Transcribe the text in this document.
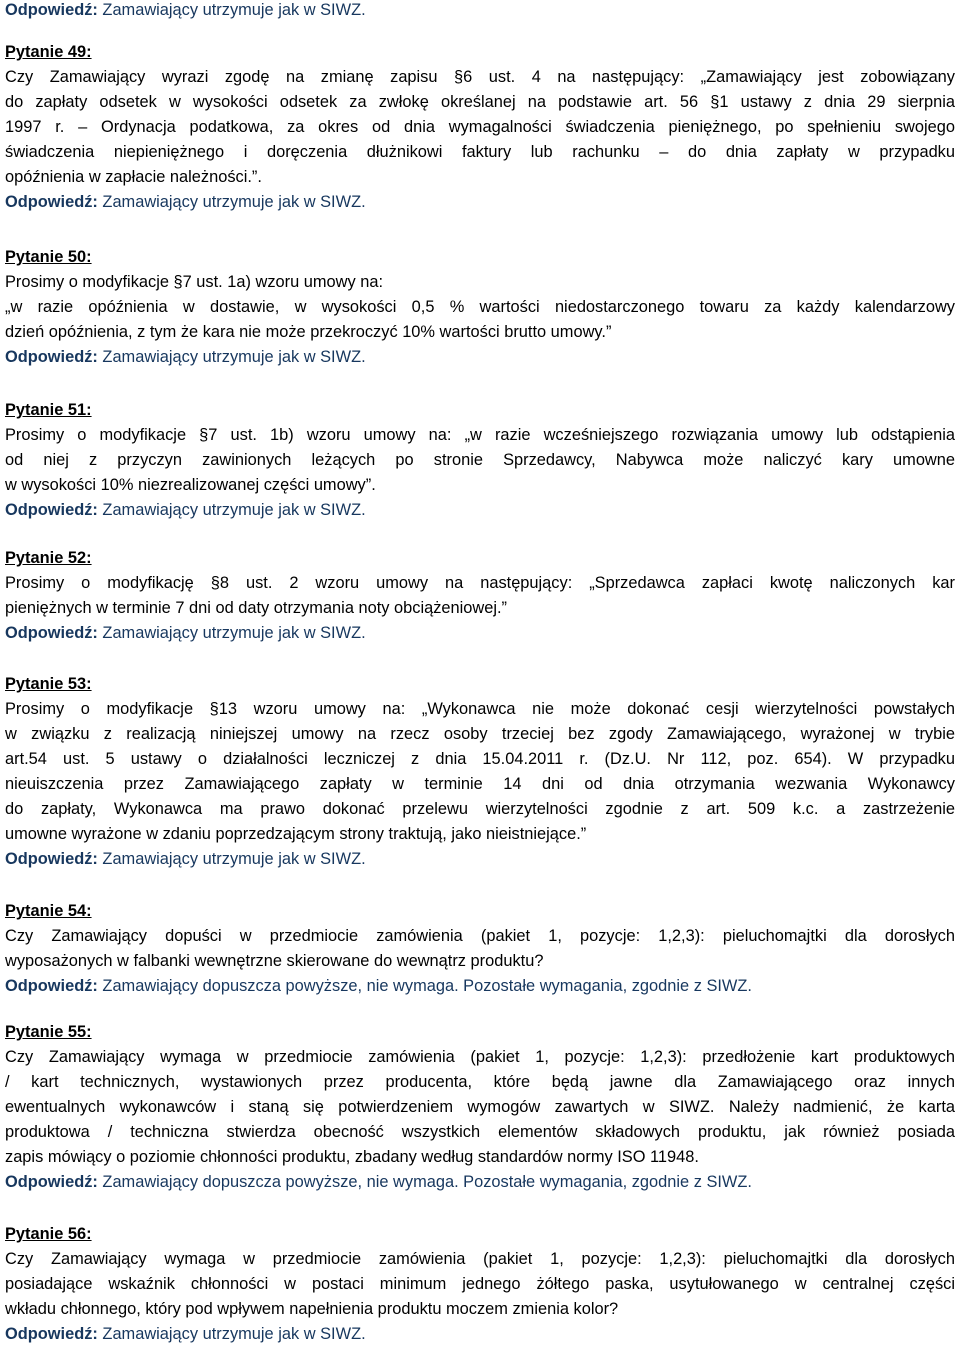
Odpowiedź: Zamawiający utrzymuje jak w SIWZ.
Pytanie 49:
Czy Zamawiający wyrazi zgodę na zmianę zapisu §6 ust. 4 na następujący: „Zamawiający jest zobowiązany
do zapłaty odsetek w wysokości odsetek za zwłokę określanej na podstawie art. 56 §1 ustawy z dnia 29 sierpnia
1997 r. – Ordynacja podatkowa, za okres od dnia wymagalności świadczenia pieniężnego, po spełnieniu swojego
świadczenia niepieniężnego i doręczenia dłużnikowi faktury lub rachunku – do dnia zapłaty w przypadku
opóźnienia w zapłacie należności.”.
Odpowiedź: Zamawiający utrzymuje jak w SIWZ.
Pytanie 50:
Prosimy o modyfikacje §7 ust. 1a) wzoru umowy na:
„w razie opóźnienia w dostawie, w wysokości 0,5 % wartości niedostarczonego towaru za każdy kalendarzowy
dzień opóźnienia, z tym że kara nie może przekroczyć 10% wartości brutto umowy.”
Odpowiedź: Zamawiający utrzymuje jak w SIWZ.
Pytanie 51:
Prosimy o modyfikacje §7 ust. 1b) wzoru umowy na: „w razie wcześniejszego rozwiązania umowy lub odstąpienia
od niej z przyczyn zawinionych leżących po stronie Sprzedawcy, Nabywca może naliczyć kary umowne
w wysokości 10% niezrealizowanej części umowy”.
Odpowiedź: Zamawiający utrzymuje jak w SIWZ.
Pytanie 52:
Prosimy o modyfikację §8 ust. 2 wzoru umowy na następujący: „Sprzedawca zapłaci kwotę naliczonych kar
pieniężnych w terminie 7 dni od daty otrzymania noty obciążeniowej.”
Odpowiedź: Zamawiający utrzymuje jak w SIWZ.
Pytanie 53:
Prosimy o modyfikacje §13 wzoru umowy na: „Wykonawca nie może dokonać cesji wierzytelności powstałych
w związku z realizacją niniejszej umowy na rzecz osoby trzeciej bez zgody Zamawiającego, wyrażonej w trybie
art.54 ust. 5 ustawy o działalności leczniczej z dnia 15.04.2011 r. (Dz.U. Nr 112, poz. 654). W przypadku
nieuiszczenia przez Zamawiającego zapłaty w terminie 14 dni od dnia otrzymania wezwania Wykonawcy
do zapłaty, Wykonawca ma prawo dokonać przelewu wierzytelności zgodnie z art. 509 k.c. a zastrzeżenie
umowne wyrażone w zdaniu poprzedzającym strony traktują, jako nieistniejące.”
Odpowiedź: Zamawiający utrzymuje jak w SIWZ.
Pytanie 54:
Czy Zamawiający dopuści w przedmiocie zamówienia (pakiet 1, pozycje: 1,2,3): pieluchomajtki dla dorosłych
wyposażonych w falbanki wewnętrzne skierowane do wewnątrz produktu?
Odpowiedź: Zamawiający dopuszcza powyższe, nie wymaga. Pozostałe wymagania, zgodnie z SIWZ.
Pytanie 55:
Czy Zamawiający wymaga w przedmiocie zamówienia (pakiet 1, pozycje: 1,2,3): przedłożenie kart produktowych
/ kart technicznych, wystawionych przez producenta, które będą jawne dla Zamawiającego oraz innych
ewentualnych wykonawców i staną się potwierdzeniem wymogów zawartych w SIWZ. Należy nadmienić, że karta
produktowa / techniczna stwierdza obecność wszystkich elementów składowych produktu, jak również posiada
zapis mówiący o poziomie chłonności produktu, zbadany według standardów normy ISO 11948.
Odpowiedź: Zamawiający dopuszcza powyższe, nie wymaga. Pozostałe wymagania, zgodnie z SIWZ.
Pytanie 56:
Czy Zamawiający wymaga w przedmiocie zamówienia (pakiet 1, pozycje: 1,2,3): pieluchomajtki dla dorosłych
posiadające wskaźnik chłonności w postaci minimum jednego żółtego paska, usytułowanego w centralnej części
wkładu chłonnego, który pod wpływem napełnienia produktu moczem zmienia kolor?
Odpowiedź: Zamawiający utrzymuje jak w SIWZ.
